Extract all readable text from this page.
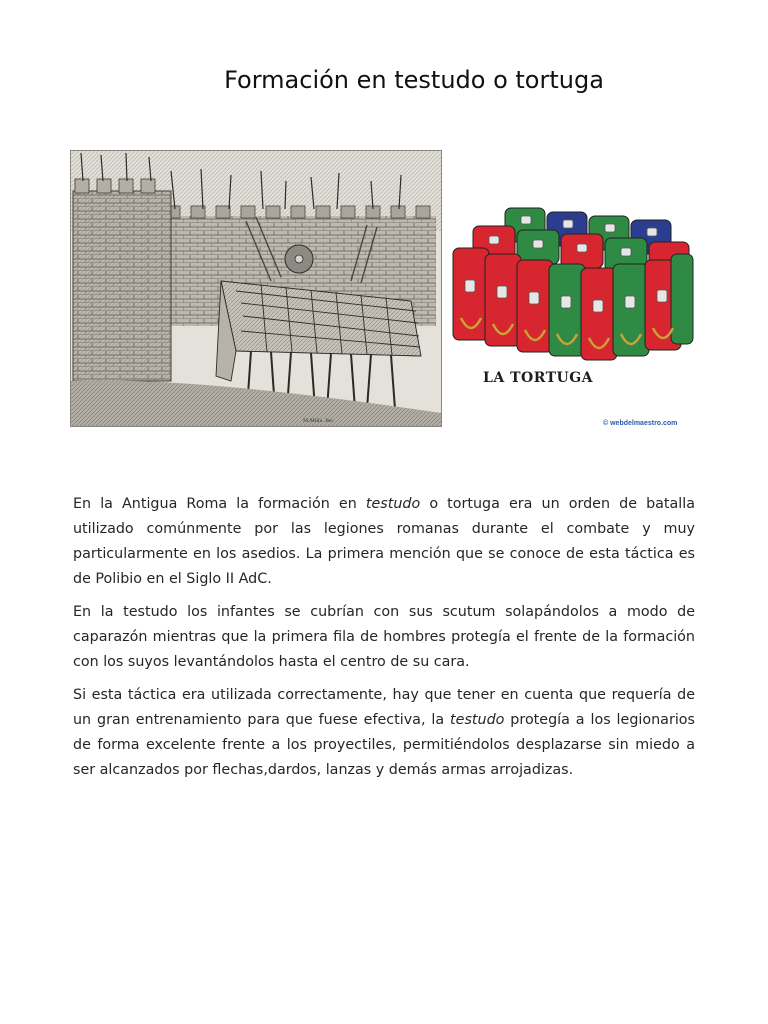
Formación en testudo o tortuga
M.Mills. fec.
LA TORTUGA
© webdelmaestro.com

En la Antigua Roma la formación en testudo o tortuga era un orden de batalla utilizado comúnmente por las legiones romanas durante el combate y muy particularmente en los asedios. La primera mención que se conoce de esta táctica es de Polibio en el Siglo II AdC.

En la testudo los infantes se cubrían con sus scutum solapándolos a modo de caparazón mientras que la primera fila de hombres protegía el frente de la formación con los suyos levantándolos hasta el centro de su cara.

Si esta táctica era utilizada correctamente, hay que tener en cuenta que requería de un gran entrenamiento para que fuese efectiva, la testudo protegía a los legionarios de forma excelente frente a los proyectiles, permitiéndolos desplazarse sin miedo a ser alcanzados por flechas,dardos, lanzas y demás armas arrojadizas.
